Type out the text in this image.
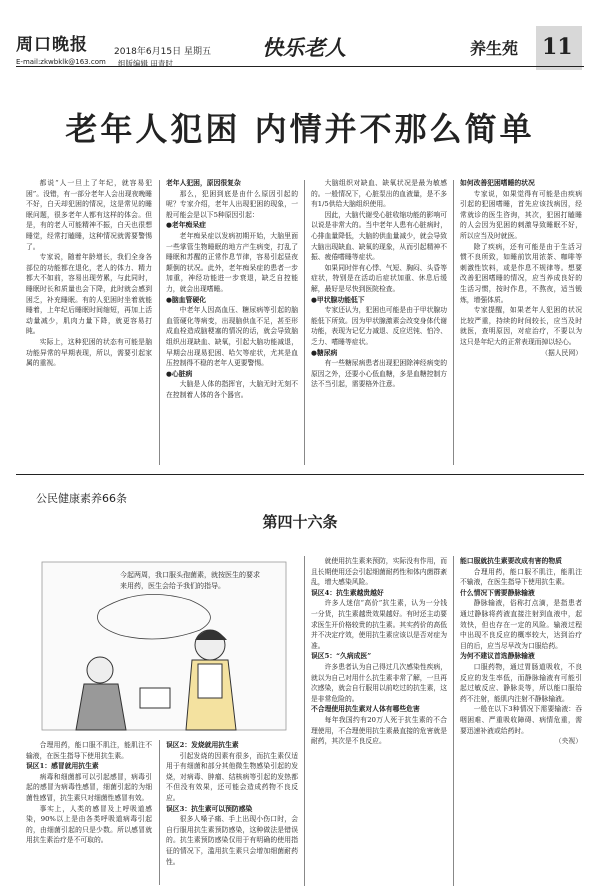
周口晚报	2018年6月15日 星期五
E-mail:zkwbklk@163.com 组版编辑 田青时
快乐老人	养生苑 11
老年人犯困 内情并不那么简单

都说“人一旦上了年纪，就容易犯困”。没错，有一部分老年人会出现夜晚睡不好，白天却犯困的情况，这是常见的睡眠问题，很多老年人都有这样的体会。但是，有的老人可能精神不振，白天也很想睡觉，经常打瞌睡，这种情况就需要警惕了。

专家说，随着年龄增长，我们全身各部位的功能都在退化，老人的体力、精力都大不如前，容易出现劳累，与此同时，睡眠时长和质量也会下降，此时就会感到困乏，补充睡眠。有的人犯困时坐着就能睡着，上年纪后睡眠时间缩短，再加上活动量减少，肌肉力量下降，就更容易打盹。

实际上，这种犯困的状态有可能是脑功能异常的早期表现，所以，需要引起家属的重视。

老年人犯困，原因很复杂

那么，犯困到底是由什么原因引起的呢？专家介绍，老年人出现犯困的现象，一般可能会是以下5种原因引起：

●老年痴呆症

老年痴呆症以发病初期开始，大脑里面一些掌管生物睡眠的地方产生病变，打乱了睡眠和苏醒的正常作息节律，容易引起昼夜颠倒的状况。此外，老年痴呆症的患者一步加重，神经功能进一步衰退，缺乏自控能力，就会出现嗜睡。

●脑血管硬化

中老年人因高血压、糖尿病等引起的脑血管硬化等病变，出现脑供血不足，甚至形成血栓造成脑梗塞的情况的话，就会导致脑组织出现缺血、缺氧，引起大脑功能减退，早期会出现易犯困、哈欠等症状，尤其是血压控制得不稳的老年人更要警惕。

●心脏病

大脑是人体的指挥官，大脑无时无刻不在控制着人体的各个器官。

大脑组织对缺血、缺氧状况是最为敏感的。一般情况下，心脏泵出的血液量，是不多有1/5供给大脑组织使用。

因此，大脑代谢受心脏收缩功能的影响可以说是非常大的。当中老年人患有心脏病时，心排血量降低，大脑的供血量减少，就会导致大脑出现缺血、缺氧的现象，从而引起精神不振、疲倦嗜睡等症状。

如果同时伴有心悸、气短、胸闷、头昏等症状，特别是在活动后症状加重、休息后缓解，最好是尽快到医院检查。

●甲状腺功能低下

专家还认为，犯困也可能是由于甲状腺功能低下所致。因为甲状腺激素会改变身体代谢功能，表现为记忆力减退、反应迟钝、怕冷、乏力、嗜睡等症状。

●糖尿病

有一些糖尿病患者出现犯困除神经病变的原因之外，还要小心低血糖，多是血糖控制方法不当引起，需要格外注意。

如何改善犯困嗜睡的状况

专家说，如果觉得有可能是由疾病引起的犯困嗜睡，首先应该找病因，经常就诊的医生咨询，其次，犯困打瞌睡的人会因为犯困的刺激导致睡眠不好，所以应当及时就医。

除了疾病，还有可能是由于生活习惯不良所致，如睡前饮用浓茶、咖啡等刺激性饮料，或是作息不规律等。想要改善犯困嗜睡的情况，应当养成良好的生活习惯，按时作息，不熬夜，适当锻炼，增强体质。

专家提醒，如果老年人犯困的状况比较严重，持续的时间较长，应当及时就医，查明原因，对症治疗，不要以为这只是年纪大的正常表现而掉以轻心。

（据人民网）

公民健康素养66条
第四十六条
今起两周，我口服头孢菌素，就按医生的要求来用药，医生会给予我们的指导。

合理用药，能口服不肌注，能肌注不输液，在医生指导下使用抗生素。

误区1：感冒就用抗生素

病毒和细菌都可以引起感冒，病毒引起的感冒为病毒性感冒，细菌引起的为细菌性感冒，抗生素只对细菌性感冒有效。

事实上，人类的感冒及上呼吸道感染，90%以上是由各类呼吸道病毒引起的，由细菌引起的只是少数。所以感冒就用抗生素治疗是不可取的。

误区2：发烧就用抗生素

引起发烧的因素有很多，而抗生素仅适用于有细菌和部分其他微生物感染引起的发烧，对病毒、肿瘤、结核病等引起的发热都不但没有效果，还可能会造成药物不良反应。

误区3：抗生素可以预防感染

很多人嗓子痛、手上出现小伤口时，会自行服用抗生素预防感染，这种做法是错误的。抗生素预防感染仅用于有明确的使用指征的情况下，滥用抗生素只会增加细菌耐药性。

就使用抗生素来预防，实际没有作用，而且长期使用还会引起细菌耐药性和体内菌群紊乱，增大感染风险。

误区4：抗生素越贵越好

许多人迷信“高价”抗生素，认为一分钱一分货，抗生素越贵效果越好。有时还主动要求医生开价格较贵的抗生素。其实药价的高低并不决定疗效，使用抗生素应该以是否对症为准。

误区5：“久病成医”

许多患者认为自己得过几次感染性疾病，就以为自己对用什么抗生素非常了解，一旦再次感染，就会自行服用以前吃过的抗生素，这是非常危险的。

不合理使用抗生素对人体有哪些危害

每年我国约有20万人死于抗生素的不合理使用，不合理使用抗生素最直接的危害就是耐药，其次是不良反应。

能口服就抗生素要改成有害的物质

合理用药，能口服不肌注，能肌注不输液，在医生指导下使用抗生素。

什么情况下需要静脉输液

静脉输液，俗称打点滴，是指患者通过静脉将药液直接注射到血液中，起效快，但也存在一定的风险。输液过程中出现不良反应的概率较大，达到治疗目的后，应当尽早改为口服给药。

为何不建议首选静脉输液

口服药物，通过胃肠道吸收，不良反应的发生率低，而静脉输液有可能引起过敏反应、静脉炎等，所以能口服给药不注射，能肌内注射不静脉输液。

一般在以下3种情况下需要输液：吞咽困难、严重吸收障碍、病情危重，需要迅速补液或给药时。

（央视）
